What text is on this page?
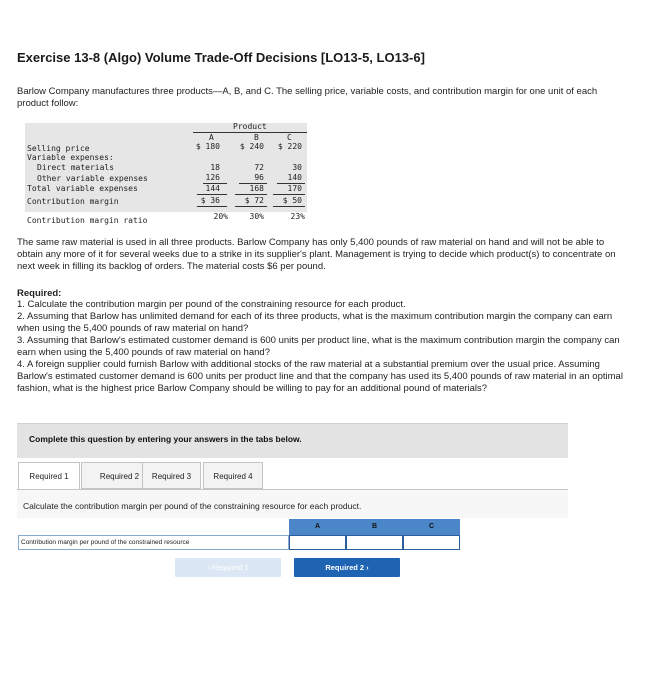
Exercise 13-8 (Algo) Volume Trade-Off Decisions [LO13-5, LO13-6]
Barlow Company manufactures three products—A, B, and C. The selling price, variable costs, and contribution margin for one unit of each product follow:
Product
A	B	C
Selling price	$ 180 $ 240 $ 220
Variable expenses:
Direct materials	18	72	30
Other variable expenses	126	96	140
Total variable expenses	144	168	170
Contribution margin	$ 36	$ 72 $ 50
Contribution margin ratio	20%	30%	23%
The same raw material is used in all three products. Barlow Company has only 5,400 pounds of raw material on hand and will not be able to obtain any more of it for several weeks due to a strike in its supplier's plant. Management is trying to decide which product(s) to concentrate on next week in filling its backlog of orders. The material costs $6 per pound.
Required:
1. Calculate the contribution margin per pound of the constraining resource for each product.
2. Assuming that Barlow has unlimited demand for each of its three products, what is the maximum contribution margin the company can earn when using the 5,400 pounds of raw material on hand?
3. Assuming that Barlow's estimated customer demand is 600 units per product line, what is the maximum contribution margin the company can earn when using the 5,400 pounds of raw material on hand?
4. A foreign supplier could furnish Barlow with additional stocks of the raw material at a substantial premium over the usual price. Assuming Barlow's estimated customer demand is 600 units per product line and that the company has used its 5,400 pounds of raw material in an optimal fashion, what is the highest price Barlow Company should be willing to pay for an additional pound of materials?
Complete this question by entering your answers in the tabs below.
Required 1	Required 2	Required 3	Required 4
Calculate the contribution margin per pound of the constraining resource for each product.
A	B	C
Contribution margin per pound of the constrained resource
‹ Required 1	Required 2 ›
